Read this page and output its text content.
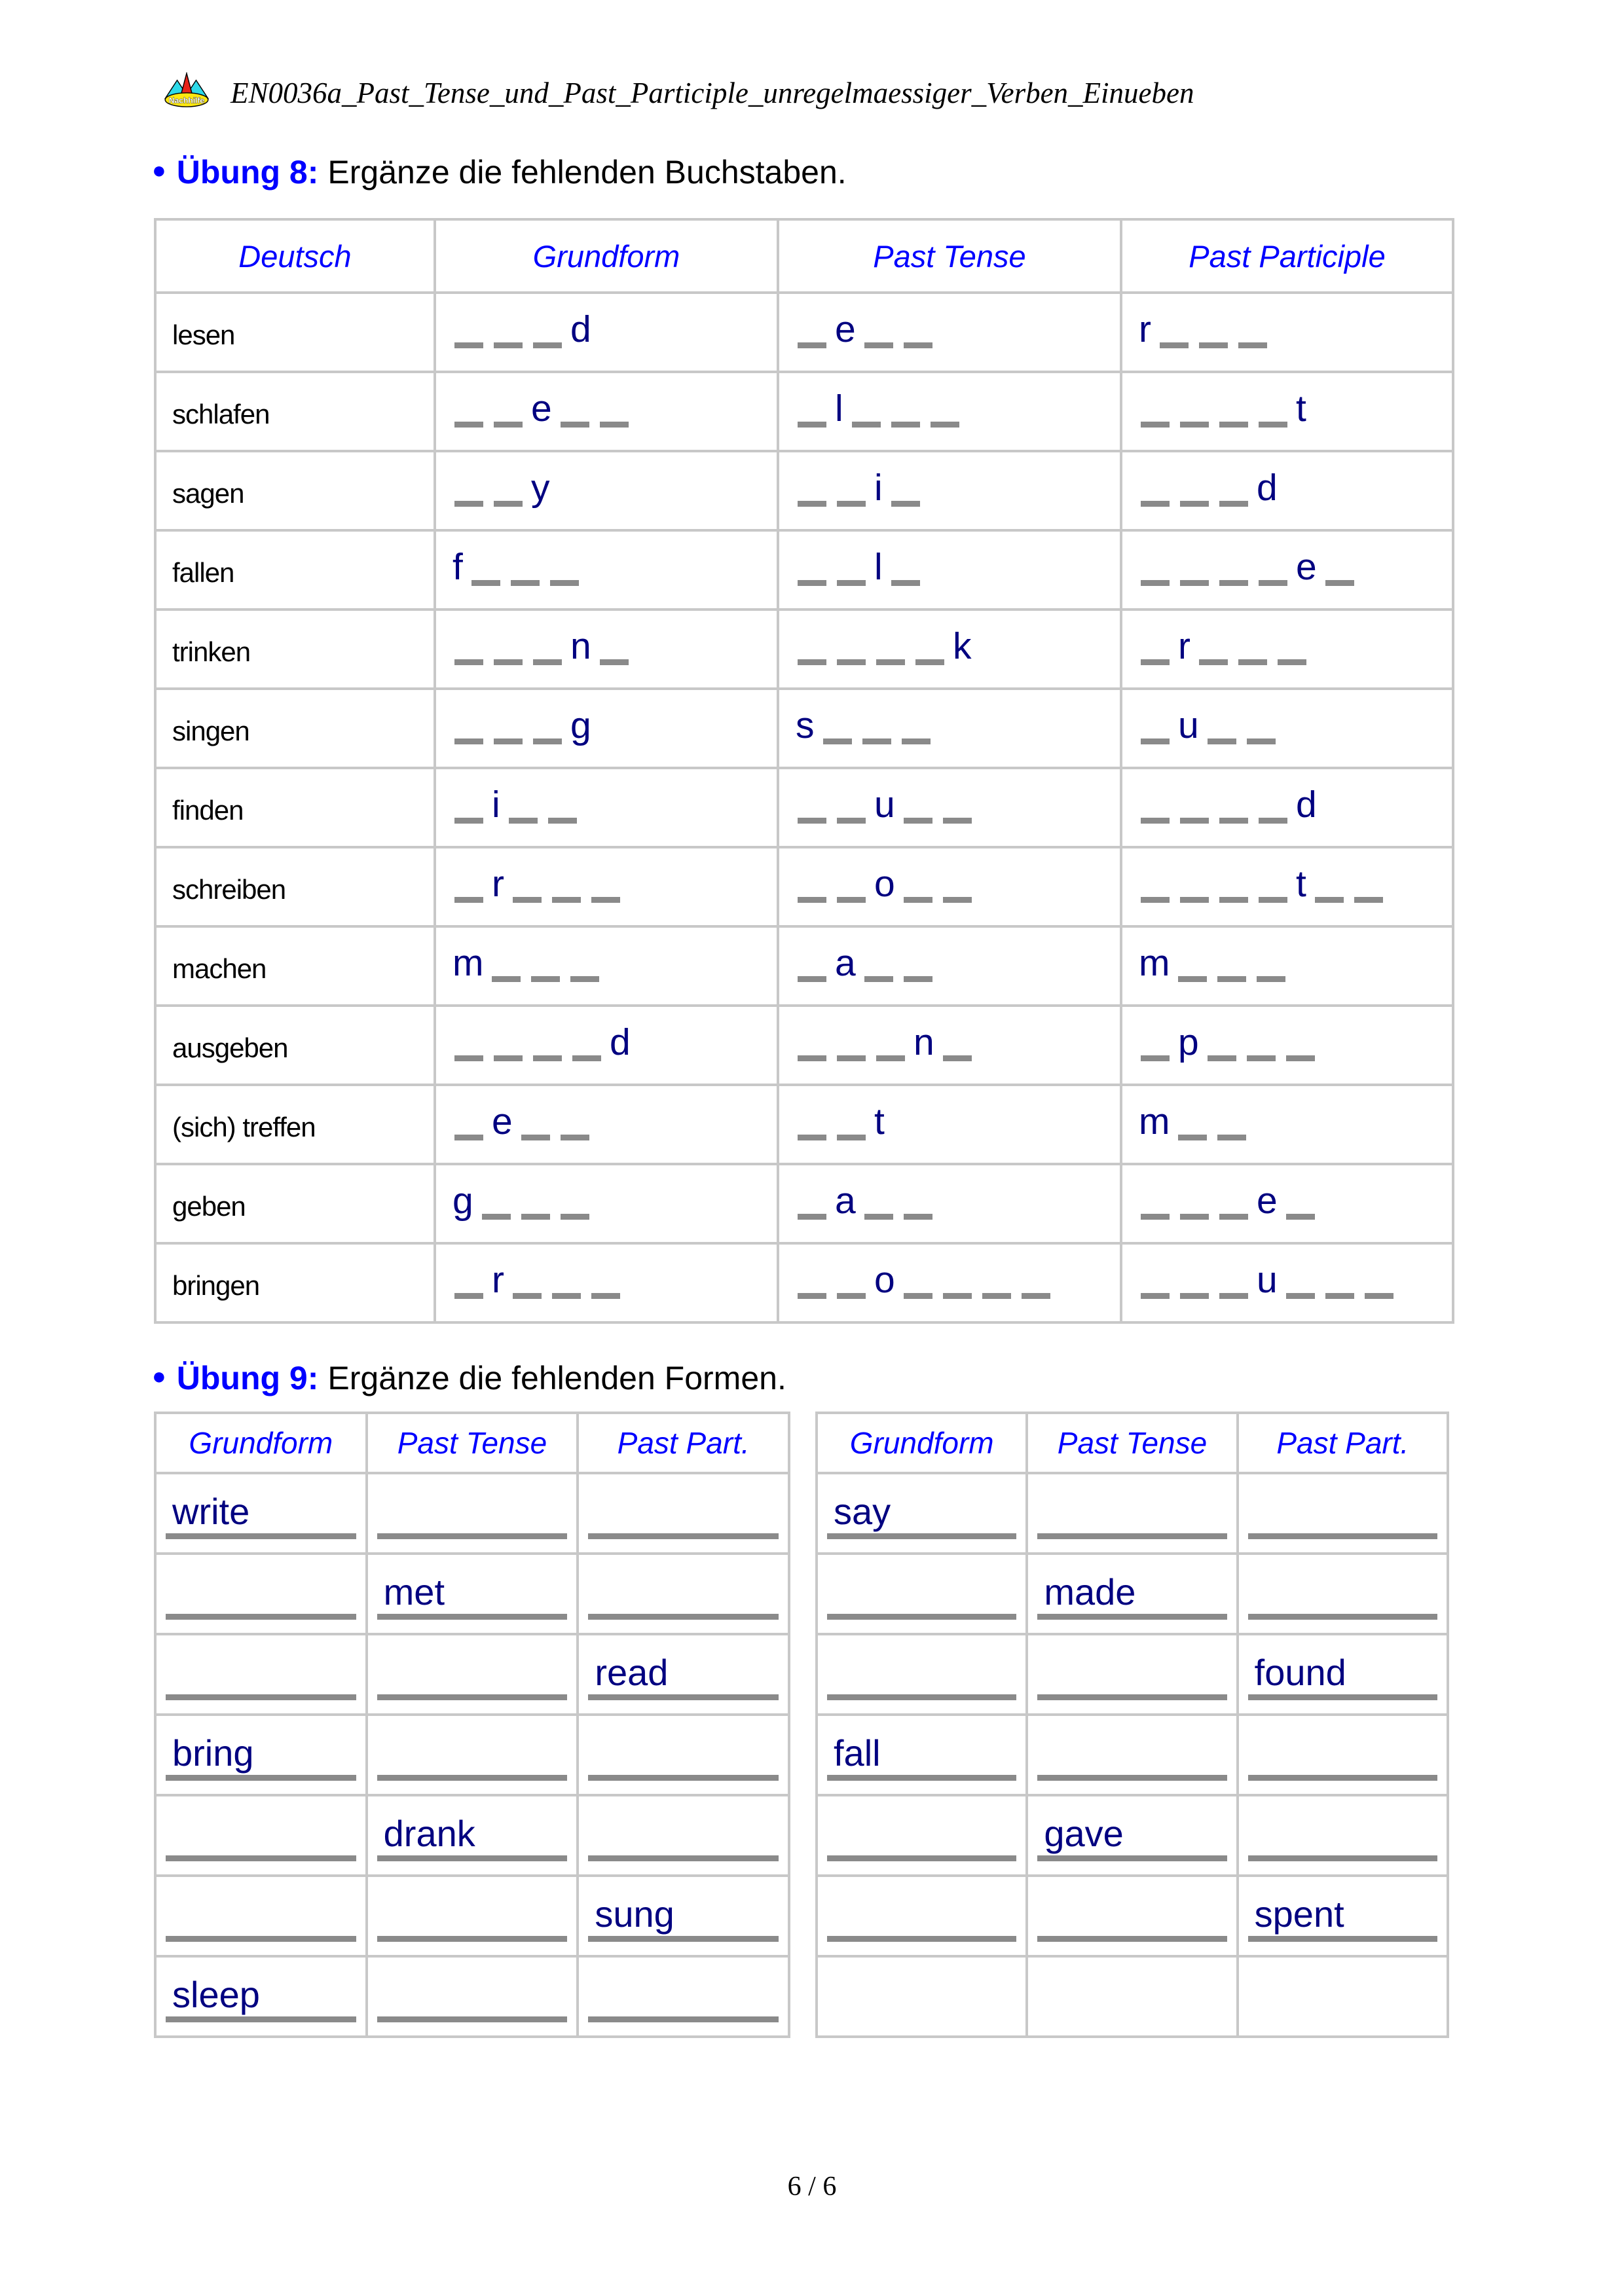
Nachhilfe EN0036a_Past_Tense_und_Past_Participle_unregelmaessiger_Verben_Einueben
● Übung 8: Ergänze die fehlenden Buchstaben.
Deutsch	Grundform	Past Tense	Past Participle
lesen	d	e	r
schlafen	e	l	t
sagen	y	i	d
fallen	f	l	e
trinken	n	k	r
singen	g	s	u
finden	i	u	d
schreiben	r	o	t
machen	m	a	m
ausgeben	d	n	p
(sich) treffen	e	t	m
geben	g	a	e
bringen	r	o	u
● Übung 9: Ergänze die fehlenden Formen.
Grundform	Past Tense	Past Part.

write		

	met	

		read

bring		

	drank	

		sung

sleep		

Grundform	Past Tense	Past Part.

say		

	made	

		found

fall		

	gave	

		spent

6 / 6
